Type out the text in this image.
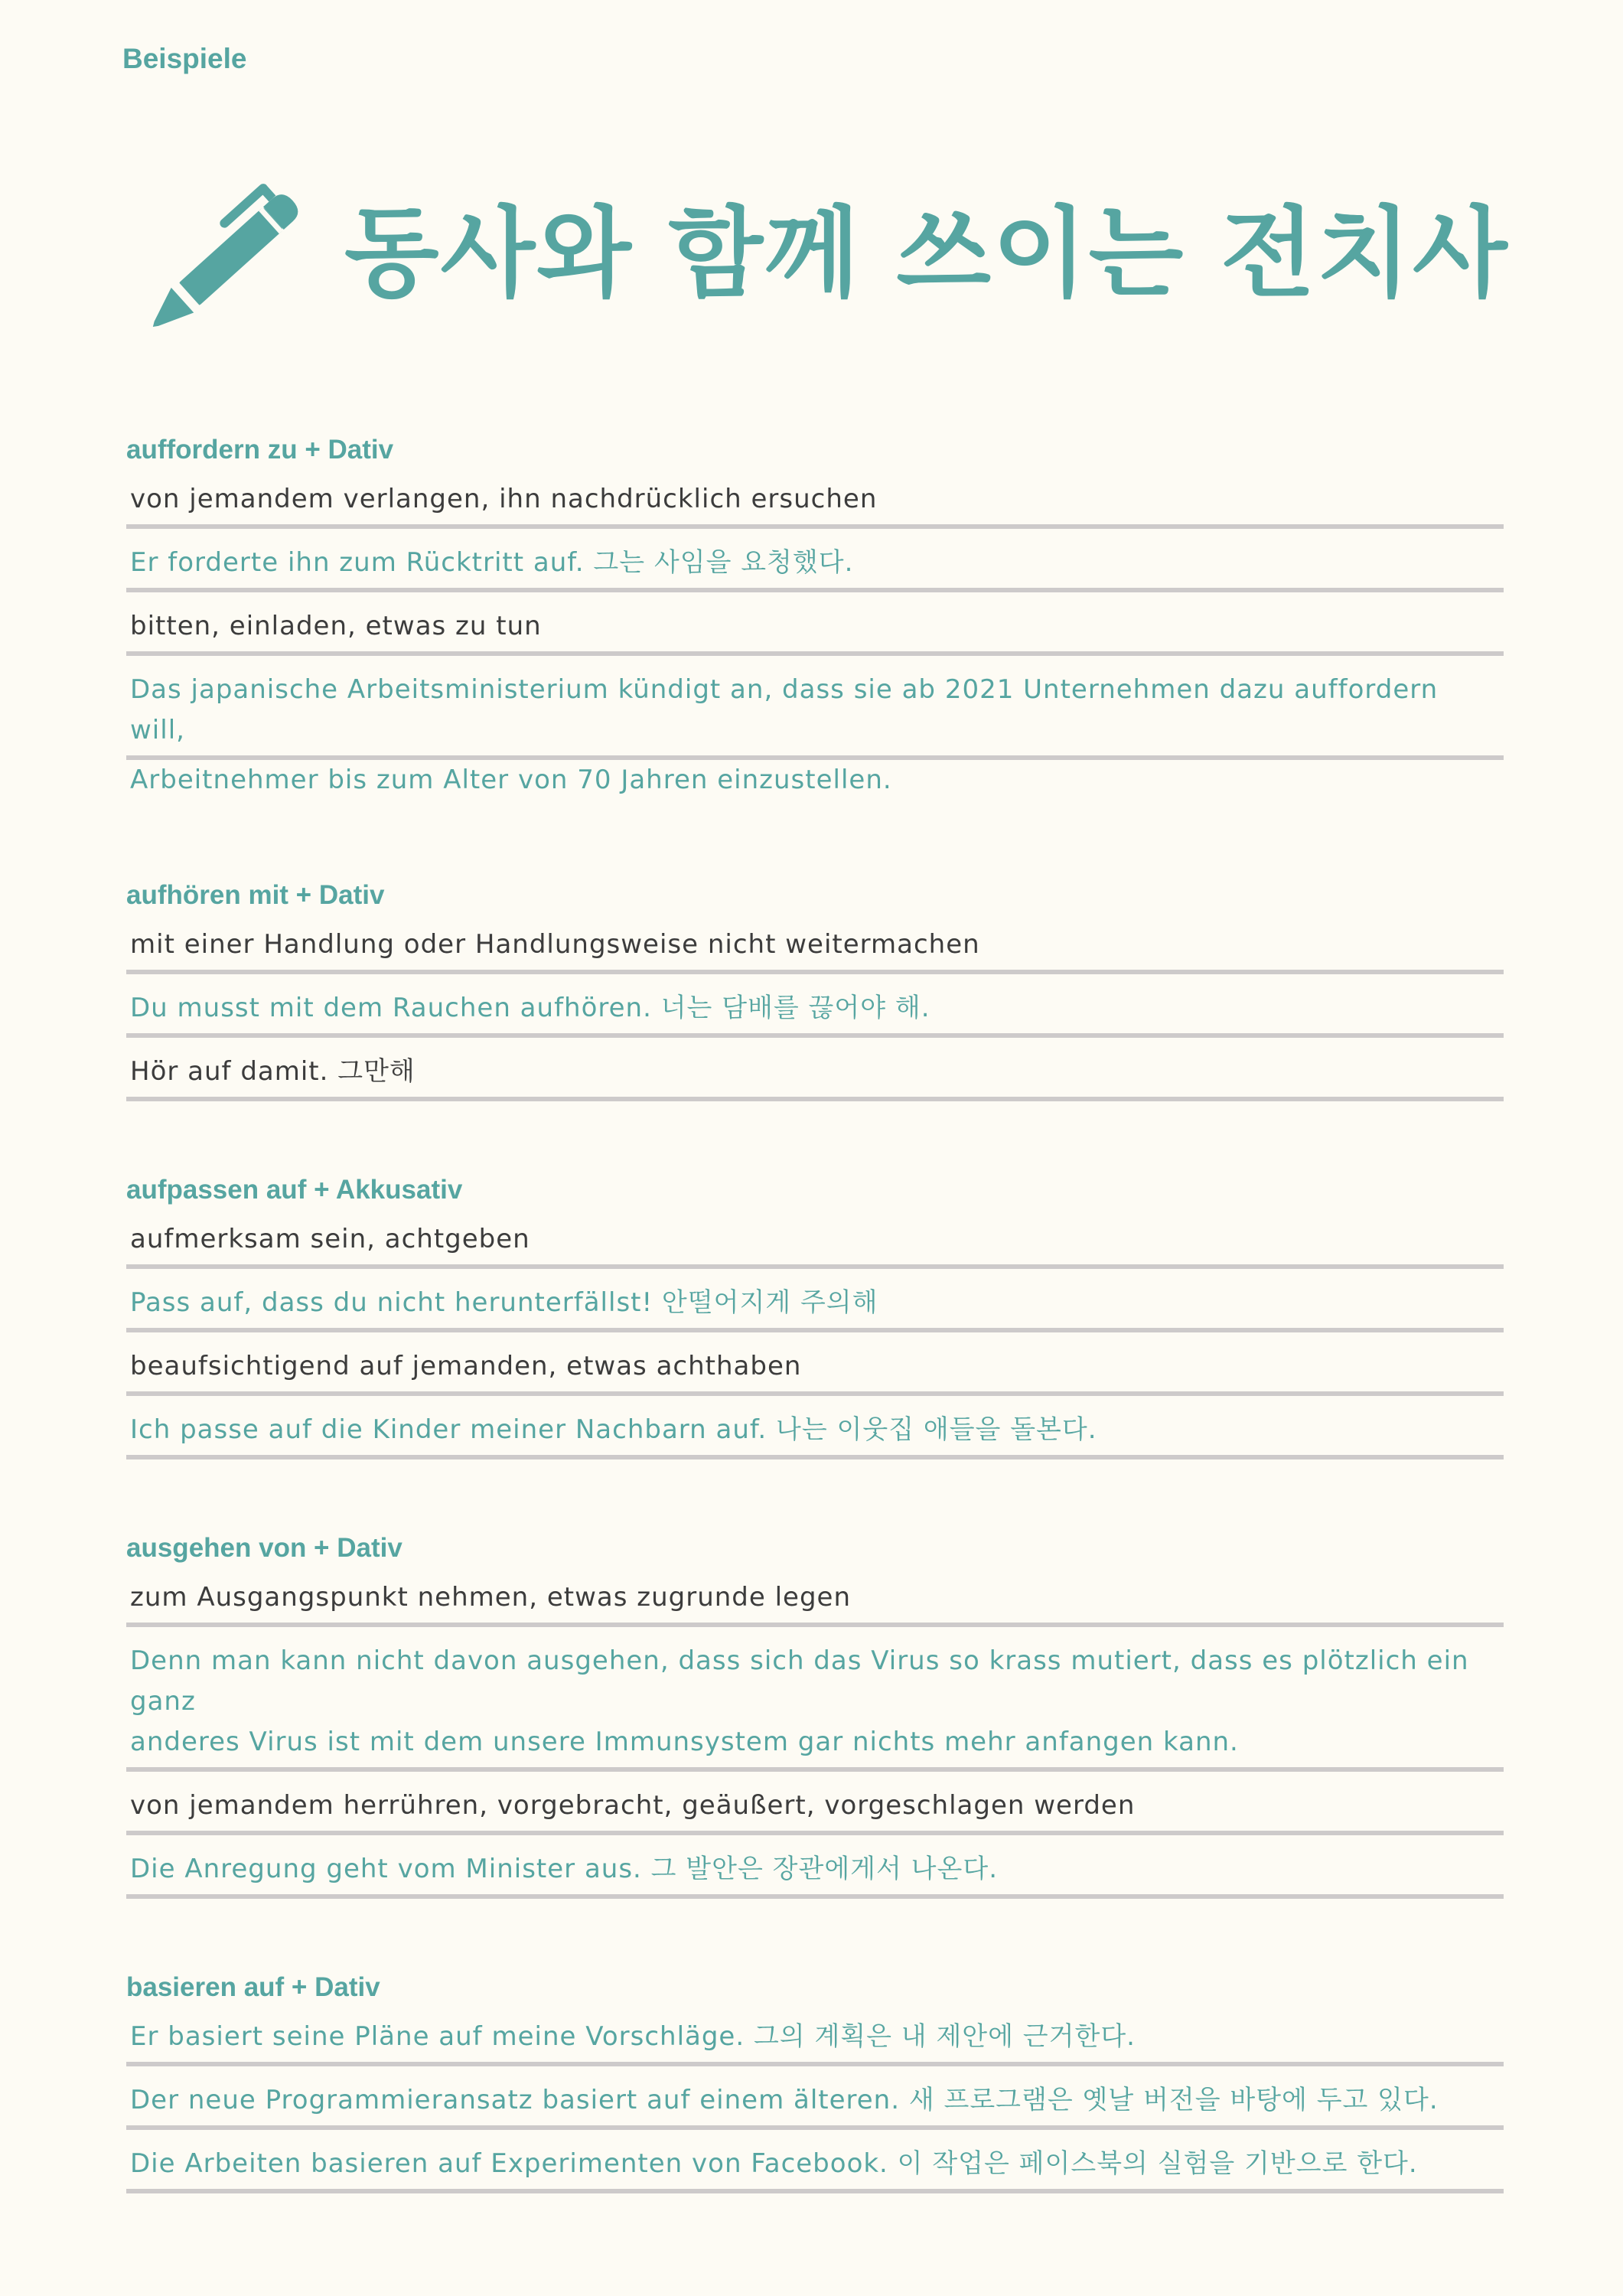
Beispiele
동사와 함께 쓰이는 전치사
auffordern zu + Dativ
von jemandem verlangen, ihn nachdrücklich ersuchen
Er forderte ihn zum Rücktritt auf. 그는 사임을 요청했다.
bitten, einladen, etwas zu tun
Das japanische Arbeitsministerium kündigt an, dass sie ab 2021 Unternehmen dazu auffordern will,
Arbeitnehmer bis zum Alter von 70 Jahren einzustellen.
aufhören mit + Dativ
mit einer Handlung oder Handlungsweise nicht weitermachen
Du musst mit dem Rauchen aufhören. 너는 담배를 끊어야 해.
Hör auf damit. 그만해
aufpassen auf + Akkusativ
aufmerksam sein, achtgeben
Pass auf, dass du nicht herunterfällst! 안떨어지게 주의해
beaufsichtigend auf jemanden, etwas achthaben
Ich passe auf die Kinder meiner Nachbarn auf. 나는 이웃집 애들을 돌본다.
ausgehen von + Dativ
zum Ausgangspunkt nehmen, etwas zugrunde legen
Denn man kann nicht davon ausgehen, dass sich das Virus so krass mutiert, dass es plötzlich ein ganz
anderes Virus ist mit dem unsere Immunsystem gar nichts mehr anfangen kann.
von jemandem herrühren, vorgebracht, geäußert, vorgeschlagen werden
Die Anregung geht vom Minister aus. 그 발안은 장관에게서 나온다.
basieren auf + Dativ
Er basiert seine Pläne auf meine Vorschläge. 그의 계획은 내 제안에 근거한다.
Der neue Programmieransatz basiert auf einem älteren. 새 프로그램은 옛날 버전을 바탕에 두고 있다.
Die Arbeiten basieren auf Experimenten von Facebook. 이 작업은 페이스북의 실험을 기반으로 한다.
